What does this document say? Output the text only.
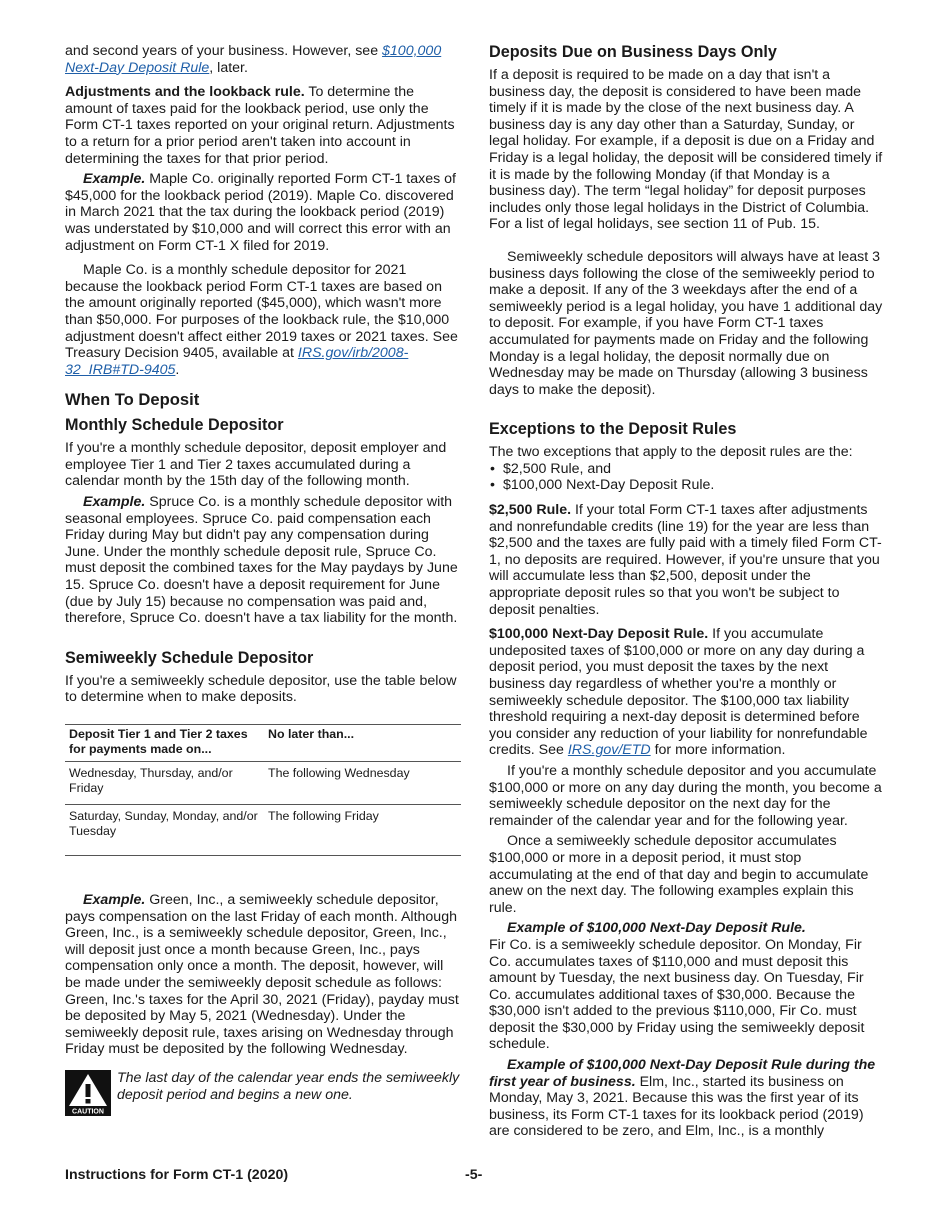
and second years of your business. However, see $100,000 Next-Day Deposit Rule, later.

Adjustments and the lookback rule. To determine the amount of taxes paid for the lookback period, use only the Form CT-1 taxes reported on your original return. Adjustments to a return for a prior period aren't taken into account in determining the taxes for that prior period.

Example. Maple Co. originally reported Form CT-1 taxes of $45,000 for the lookback period (2019). Maple Co. discovered in March 2021 that the tax during the lookback period (2019) was understated by $10,000 and will correct this error with an adjustment on Form CT-1 X filed for 2019.

Maple Co. is a monthly schedule depositor for 2021 because the lookback period Form CT-1 taxes are based on the amount originally reported ($45,000), which wasn't more than $50,000. For purposes of the lookback rule, the $10,000 adjustment doesn't affect either 2019 taxes or 2021 taxes. See Treasury Decision 9405, available at IRS.gov/irb/2008-32_IRB#TD-9405.

When To Deposit
Monthly Schedule Depositor

If you're a monthly schedule depositor, deposit employer and employee Tier 1 and Tier 2 taxes accumulated during a calendar month by the 15th day of the following month.

Example. Spruce Co. is a monthly schedule depositor with seasonal employees. Spruce Co. paid compensation each Friday during May but didn't pay any compensation during June. Under the monthly schedule deposit rule, Spruce Co. must deposit the combined taxes for the May paydays by June 15. Spruce Co. doesn't have a deposit requirement for June (due by July 15) because no compensation was paid and, therefore, Spruce Co. doesn't have a tax liability for the month.

Semiweekly Schedule Depositor

If you're a semiweekly schedule depositor, use the table below to determine when to make deposits.

Deposit Tier 1 and Tier 2 taxes for payments made on...	No later than...
Wednesday, Thursday, and/or Friday	The following Wednesday
Saturday, Sunday, Monday, and/or Tuesday	The following Friday

Example. Green, Inc., a semiweekly schedule depositor, pays compensation on the last Friday of each month. Although Green, Inc., is a semiweekly schedule depositor, Green, Inc., will deposit just once a month because Green, Inc., pays compensation only once a month. The deposit, however, will be made under the semiweekly deposit schedule as follows: Green, Inc.'s taxes for the April 30, 2021 (Friday), payday must be deposited by May 5, 2021 (Wednesday). Under the semiweekly deposit rule, taxes arising on Wednesday through Friday must be deposited by the following Wednesday.

CAUTION
The last day of the calendar year ends the semiweekly deposit period and begins a new one.
Deposits Due on Business Days Only

If a deposit is required to be made on a day that isn't a business day, the deposit is considered to have been made timely if it is made by the close of the next business day. A business day is any day other than a Saturday, Sunday, or legal holiday. For example, if a deposit is due on a Friday and Friday is a legal holiday, the deposit will be considered timely if it is made by the following Monday (if that Monday is a business day). The term “legal holiday” for deposit purposes includes only those legal holidays in the District of Columbia. For a list of legal holidays, see section 11 of Pub. 15.

Semiweekly schedule depositors will always have at least 3 business days following the close of the semiweekly period to make a deposit. If any of the 3 weekdays after the end of a semiweekly period is a legal holiday, you have 1 additional day to deposit. For example, if you have Form CT-1 taxes accumulated for payments made on Friday and the following Monday is a legal holiday, the deposit normally due on Wednesday may be made on Thursday (allowing 3 business days to make the deposit).

Exceptions to the Deposit Rules

The two exceptions that apply to the deposit rules are the:

• $2,500 Rule, and
• $100,000 Next-Day Deposit Rule.

$2,500 Rule. If your total Form CT-1 taxes after adjustments and nonrefundable credits (line 19) for the year are less than $2,500 and the taxes are fully paid with a timely filed Form CT-1, no deposits are required. However, if you're unsure that you will accumulate less than $2,500, deposit under the appropriate deposit rules so that you won't be subject to deposit penalties.

$100,000 Next-Day Deposit Rule. If you accumulate undeposited taxes of $100,000 or more on any day during a deposit period, you must deposit the taxes by the next business day regardless of whether you're a monthly or semiweekly schedule depositor. The $100,000 tax liability threshold requiring a next-day deposit is determined before you consider any reduction of your liability for nonrefundable credits. See IRS.gov/ETD for more information.

If you're a monthly schedule depositor and you accumulate $100,000 or more on any day during the month, you become a semiweekly schedule depositor on the next day for the remainder of the calendar year and for the following year.

Once a semiweekly schedule depositor accumulates $100,000 or more in a deposit period, it must stop accumulating at the end of that day and begin to accumulate anew on the next day. The following examples explain this rule.

Example of $100,000 Next-Day Deposit Rule.
Fir Co. is a semiweekly schedule depositor. On Monday, Fir Co. accumulates taxes of $110,000 and must deposit this amount by Tuesday, the next business day. On Tuesday, Fir Co. accumulates additional taxes of $30,000. Because the $30,000 isn't added to the previous $110,000, Fir Co. must deposit the $30,000 by Friday using the semiweekly deposit schedule.

Example of $100,000 Next-Day Deposit Rule during the first year of business. Elm, Inc., started its business on Monday, May 3, 2021. Because this was the first year of its business, its Form CT-1 taxes for its lookback period (2019) are considered to be zero, and Elm, Inc., is a monthly

Instructions for Form CT-1 (2020)	-5-
